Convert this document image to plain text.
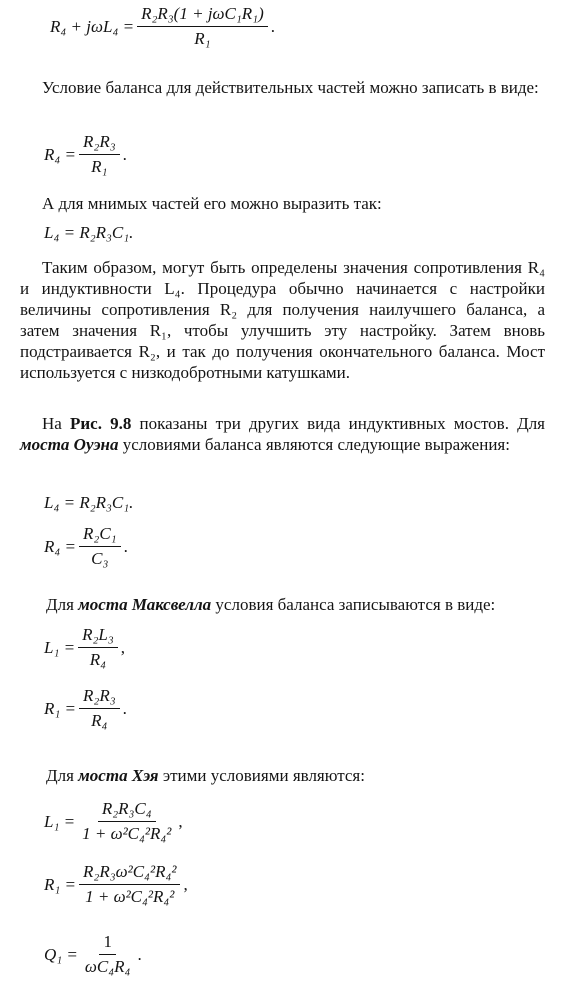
$R_4 + j\omega L_4 = \frac{\text{R₂R₃(1 + jωC₁R₁)}}{\text{R₁}}$ .

Условие баланса для действительных частей можно записать в виде:

$R_4 = \frac{\text{R₂R₃}}{\text{R₁}}$ .

А для мнимых частей его можно выразить так:

L₄ = R₂R₃C₁.

Таким образом, могут быть определены значения сопротивления R₄ и индуктивности L₄. Процедура обычно начинается с настройки величины сопротивления R₂ для получения наилучшего баланса, а затем значения R₁, чтобы улучшить эту настройку. Затем вновь подстраивается R₂, и так до получения окончательного баланса. Мост используется с низкодобротными катушками.

На Рис. 9.8 показаны три других вида индуктивных мостов. Для моста Оуэна условиями баланса являются следующие выражения:

L₄ = R₂R₃C₁.
$R_4 = \frac{\text{R₂C₁}}{\text{C₃}}$ .

Для моста Максвелла условия баланса записываются в виде:

$L_1 = \frac{\text{R₂L₃}}{\text{R₄}}$ ,
$R_1 = \frac{\text{R₂R₃}}{\text{R₄}}$ .

Для моста Хэя этими условиями являются:

$L_1 = \frac{\text{R₂R₃C₄}}{\text{1 + ω²C₄²R₄²}}$ ,
$R_1 = \frac{\text{R₂R₃ω²C₄²R₄²}}{\text{1 + ω²C₄²R₄²}}$ ,
$Q_1 = \frac{1}{\text{ωC₄R₄}}$ .
